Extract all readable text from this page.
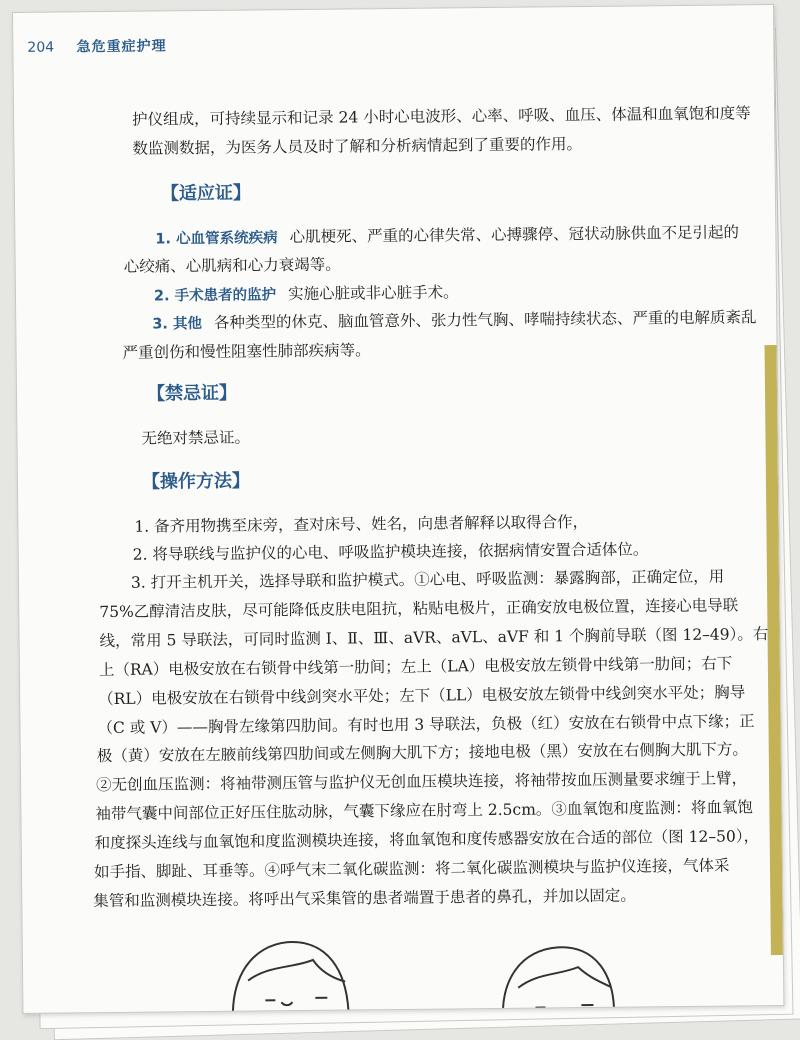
204 急危重症护理

护仪组成，可持续显示和记录 24 小时心电波形、心率、呼吸、血压、体温和血氧饱和度等

数监测数据，为医务人员及时了解和分析病情起到了重要的作用。

【适应证】

1. 心血管系统疾病 心肌梗死、严重的心律失常、心搏骤停、冠状动脉供血不足引起的

心绞痛、心肌病和心力衰竭等。

2. 手术患者的监护 实施心脏或非心脏手术。

3. 其他 各种类型的休克、脑血管意外、张力性气胸、哮喘持续状态、严重的电解质紊乱

严重创伤和慢性阻塞性肺部疾病等。

【禁忌证】

无绝对禁忌证。

【操作方法】

1. 备齐用物携至床旁，查对床号、姓名，向患者解释以取得合作，

2. 将导联线与监护仪的心电、呼吸监护模块连接，依据病情安置合适体位。

3. 打开主机开关，选择导联和监护模式。①心电、呼吸监测：暴露胸部，正确定位，用

75%乙醇清洁皮肤，尽可能降低皮肤电阻抗，粘贴电极片，正确安放电极位置，连接心电导联

线，常用 5 导联法，可同时监测 Ⅰ、Ⅱ、Ⅲ、aVR、aVL、aVF 和 1 个胸前导联（图 12–49）。右

上（RA）电极安放在右锁骨中线第一肋间；左上（LA）电极安放左锁骨中线第一肋间；右下

（RL）电极安放在右锁骨中线剑突水平处；左下（LL）电极安放左锁骨中线剑突水平处；胸导

（C 或 V）——胸骨左缘第四肋间。有时也用 3 导联法，负极（红）安放在右锁骨中点下缘；正

极（黄）安放在左腋前线第四肋间或左侧胸大肌下方；接地电极（黑）安放在右侧胸大肌下方。

②无创血压监测：将袖带测压管与监护仪无创血压模块连接，将袖带按血压测量要求缠于上臂，

袖带气囊中间部位正好压住肱动脉，气囊下缘应在肘弯上 2.5cm。③血氧饱和度监测：将血氧饱

和度探头连线与血氧饱和度监测模块连接，将血氧饱和度传感器安放在合适的部位（图 12–50），

如手指、脚趾、耳垂等。④呼气末二氧化碳监测：将二氧化碳监测模块与监护仪连接，气体采

集管和监测模块连接。将呼出气采集管的患者端置于患者的鼻孔，并加以固定。
